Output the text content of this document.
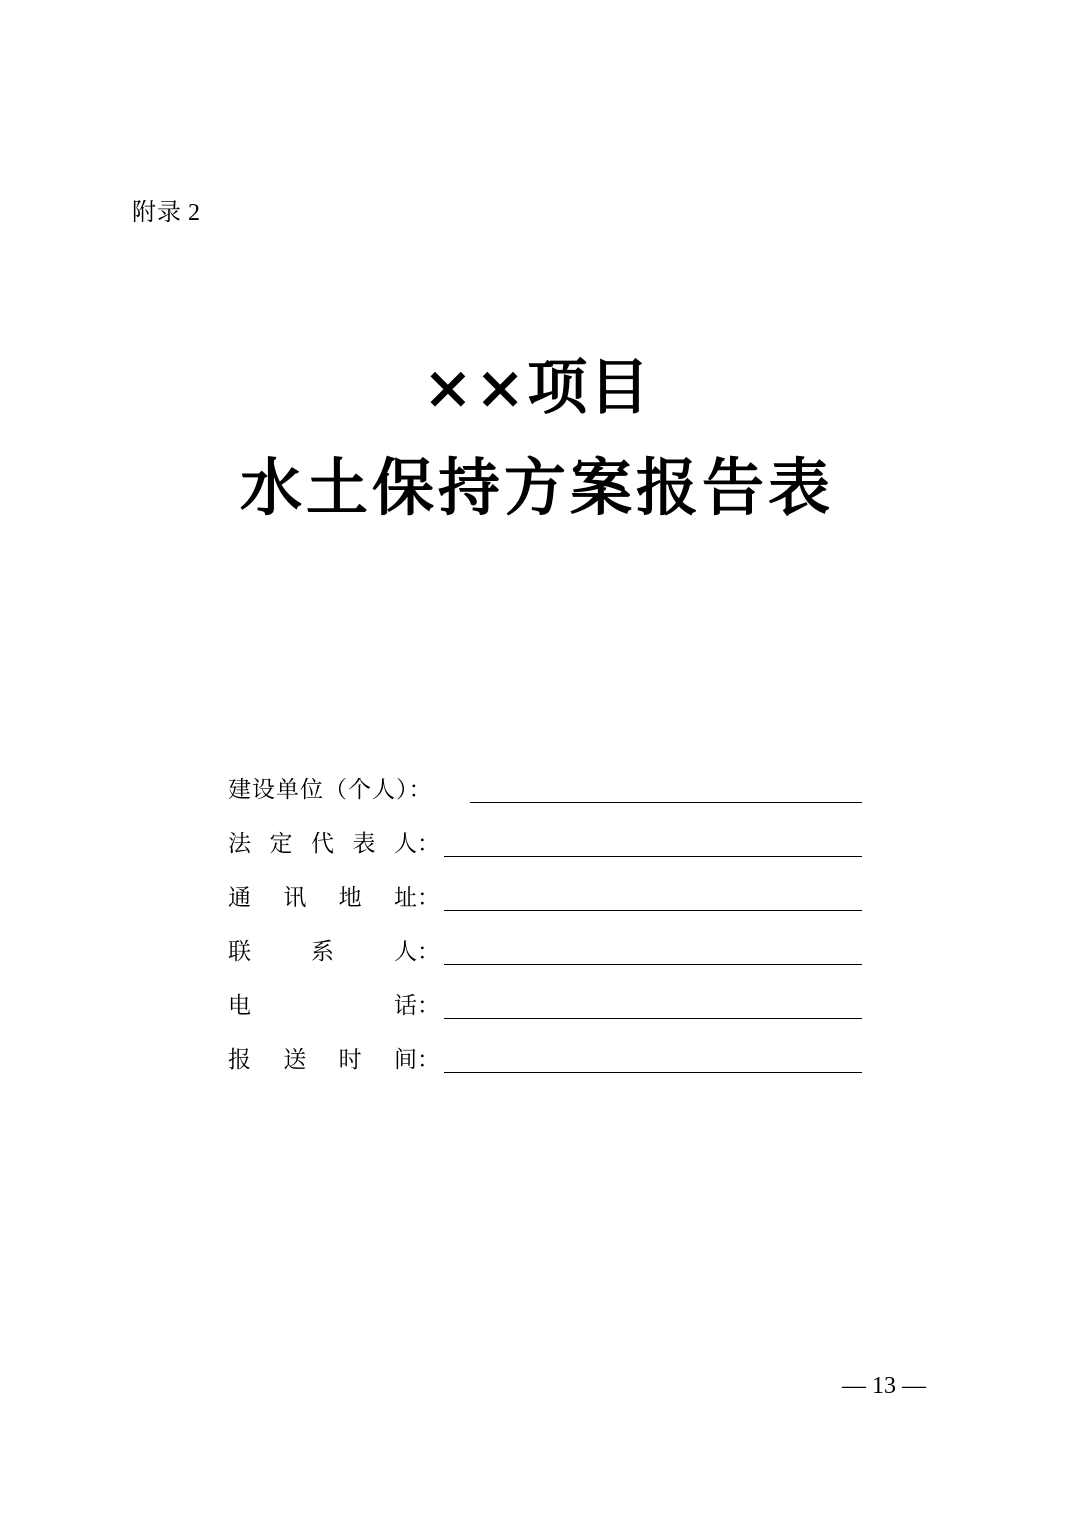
附录 2
××项目
水土保持方案报告表
建设单位（个人）：
法 定 代 表 人：
通 讯 地 址：
联	系	人：
电	话：
报 送 时 间：
— 13 —
